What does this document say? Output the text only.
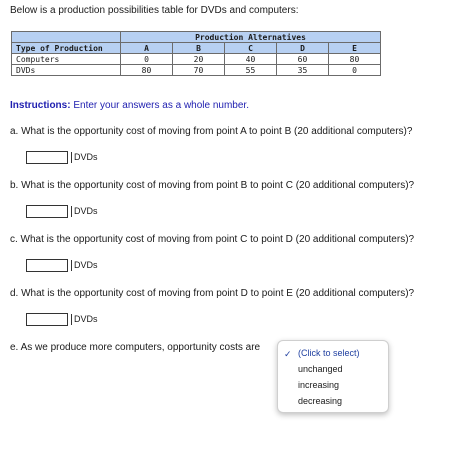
Below is a production possibilities table for DVDs and computers:
	Production Alternatives				
Type of Production	A	B	C	D	E
Computers	0	20	40	60	80
DVDs	80	70	55	35	0
Instructions: Enter your answers as a whole number.
a. What is the opportunity cost of moving from point A to point B (20 additional computers)?
DVDs
b. What is the opportunity cost of moving from point B to point C (20 additional computers)?
DVDs
c. What is the opportunity cost of moving from point C to point D (20 additional computers)?
DVDs
d. What is the opportunity cost of moving from point D to point E (20 additional computers)?
DVDs
e. As we produce more computers, opportunity costs are
✓ (Click to select)
unchanged
increasing
decreasing
